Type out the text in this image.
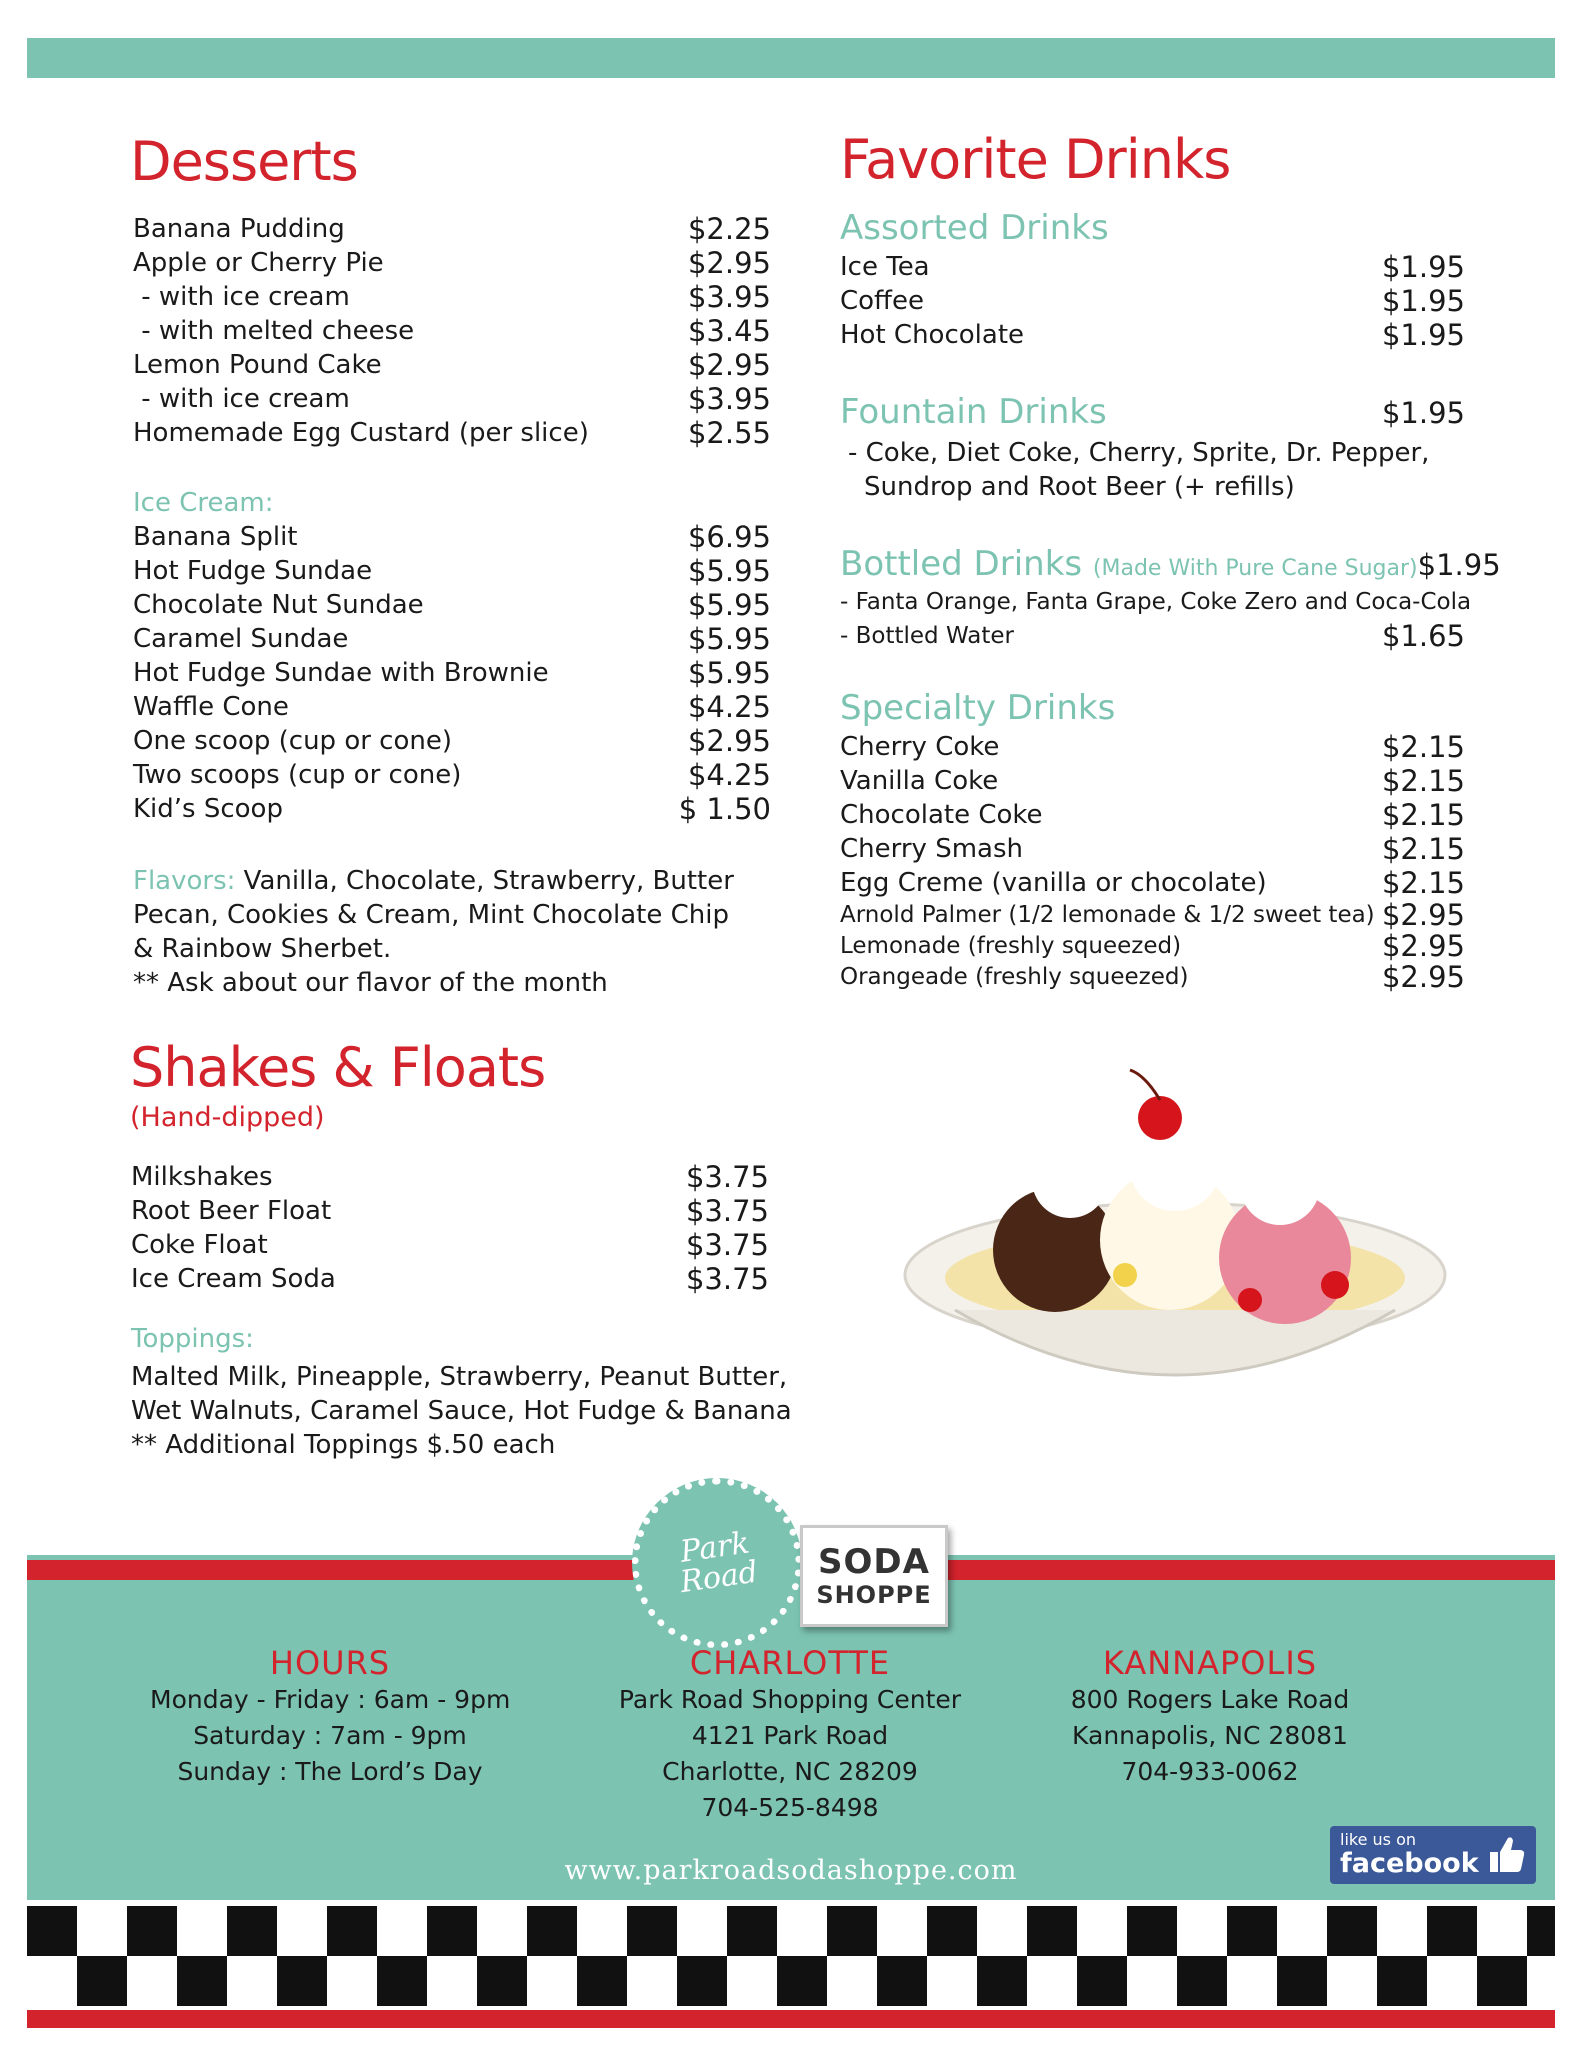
Desserts
Banana Pudding	$2.25
Apple or Cherry Pie	$2.95
- with ice cream	$3.95
- with melted cheese	$3.45
Lemon Pound Cake	$2.95
- with ice cream	$3.95
Homemade Egg Custard (per slice)	$2.55
Ice Cream:
Banana Split	$6.95
Hot Fudge Sundae	$5.95
Chocolate Nut Sundae	$5.95
Caramel Sundae	$5.95
Hot Fudge Sundae with Brownie	$5.95
Waffle Cone	$4.25
One scoop (cup or cone)	$2.95
Two scoops (cup or cone)	$4.25
Kid’s Scoop	$ 1.50
Flavors: Vanilla, Chocolate, Strawberry, Butter
Pecan, Cookies & Cream, Mint Chocolate Chip
& Rainbow Sherbet.
** Ask about our flavor of the month
Shakes & Floats
(Hand-dipped)
Milkshakes	$3.75
Root Beer Float	$3.75
Coke Float	$3.75
Ice Cream Soda	$3.75
Toppings:
Malted Milk, Pineapple, Strawberry, Peanut Butter,
Wet Walnuts, Caramel Sauce, Hot Fudge & Banana
** Additional Toppings $.50 each
Favorite Drinks
Assorted Drinks
Ice Tea	$1.95
Coffee	$1.95
Hot Chocolate	$1.95
Fountain Drinks	$1.95
- Coke, Diet Coke, Cherry, Sprite, Dr. Pepper,
Sundrop and Root Beer (+ refills)
Bottled Drinks (Made With Pure Cane Sugar) $1.95
- Fanta Orange, Fanta Grape, Coke Zero and Coca-Cola
- Bottled Water	$1.65
Specialty Drinks
Cherry Coke	$2.15
Vanilla Coke	$2.15
Chocolate Coke	$2.15
Cherry Smash	$2.15
Egg Creme (vanilla or chocolate)	$2.15
Arnold Palmer (1/2 lemonade & 1/2 sweet tea) $2.95
Lemonade (freshly squeezed)	$2.95
Orangeade (freshly squeezed)	$2.95
Park Road	SODA
SHOPPE
HOURS
Monday - Friday : 6am - 9pm
Saturday : 7am - 9pm
Sunday : The Lord’s Day
CHARLOTTE
Park Road Shopping Center
4121 Park Road
Charlotte, NC 28209
704-525-8498
KANNAPOLIS
800 Rogers Lake Road
Kannapolis, NC 28081
704-933-0062
www.parkroadsodashoppe.com
like us on
facebook
